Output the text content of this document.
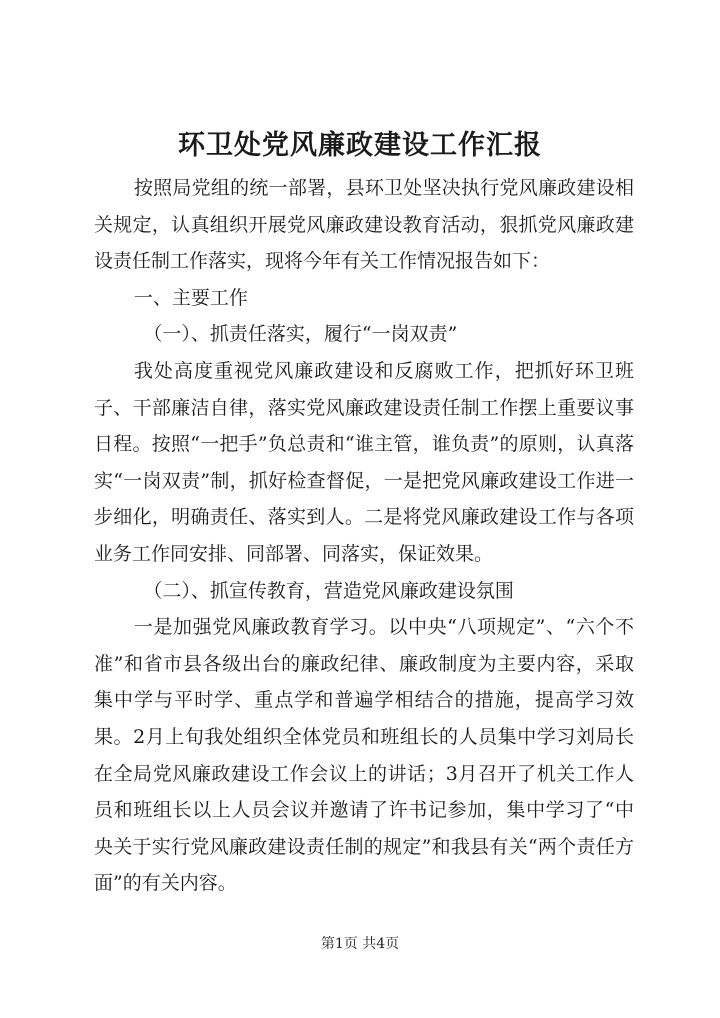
环卫处党风廉政建设工作汇报

按照局党组的统一部署，县环卫处坚决执行党风廉政建设相关规定，认真组织开展党风廉政建设教育活动，狠抓党风廉政建设责任制工作落实，现将今年有关工作情况报告如下：

一、主要工作

（一）、抓责任落实，履行“一岗双责”

我处高度重视党风廉政建设和反腐败工作，把抓好环卫班子、干部廉洁自律，落实党风廉政建设责任制工作摆上重要议事日程。按照“一把手”负总责和“谁主管，谁负责”的原则，认真落实“一岗双责”制，抓好检查督促，一是把党风廉政建设工作进一步细化，明确责任、落实到人。二是将党风廉政建设工作与各项业务工作同安排、同部署、同落实，保证效果。

（二）、抓宣传教育，营造党风廉政建设氛围

一是加强党风廉政教育学习。以中央“八项规定”、“六个不准”和省市县各级出台的廉政纪律、廉政制度为主要内容，采取集中学与平时学、重点学和普遍学相结合的措施，提高学习效果。2月上旬我处组织全体党员和班组长的人员集中学习刘局长在全局党风廉政建设工作会议上的讲话；3月召开了机关工作人员和班组长以上人员会议并邀请了许书记参加，集中学习了“中央关于实行党风廉政建设责任制的规定”和我县有关“两个责任方面”的有关内容。

第1页 共4页
